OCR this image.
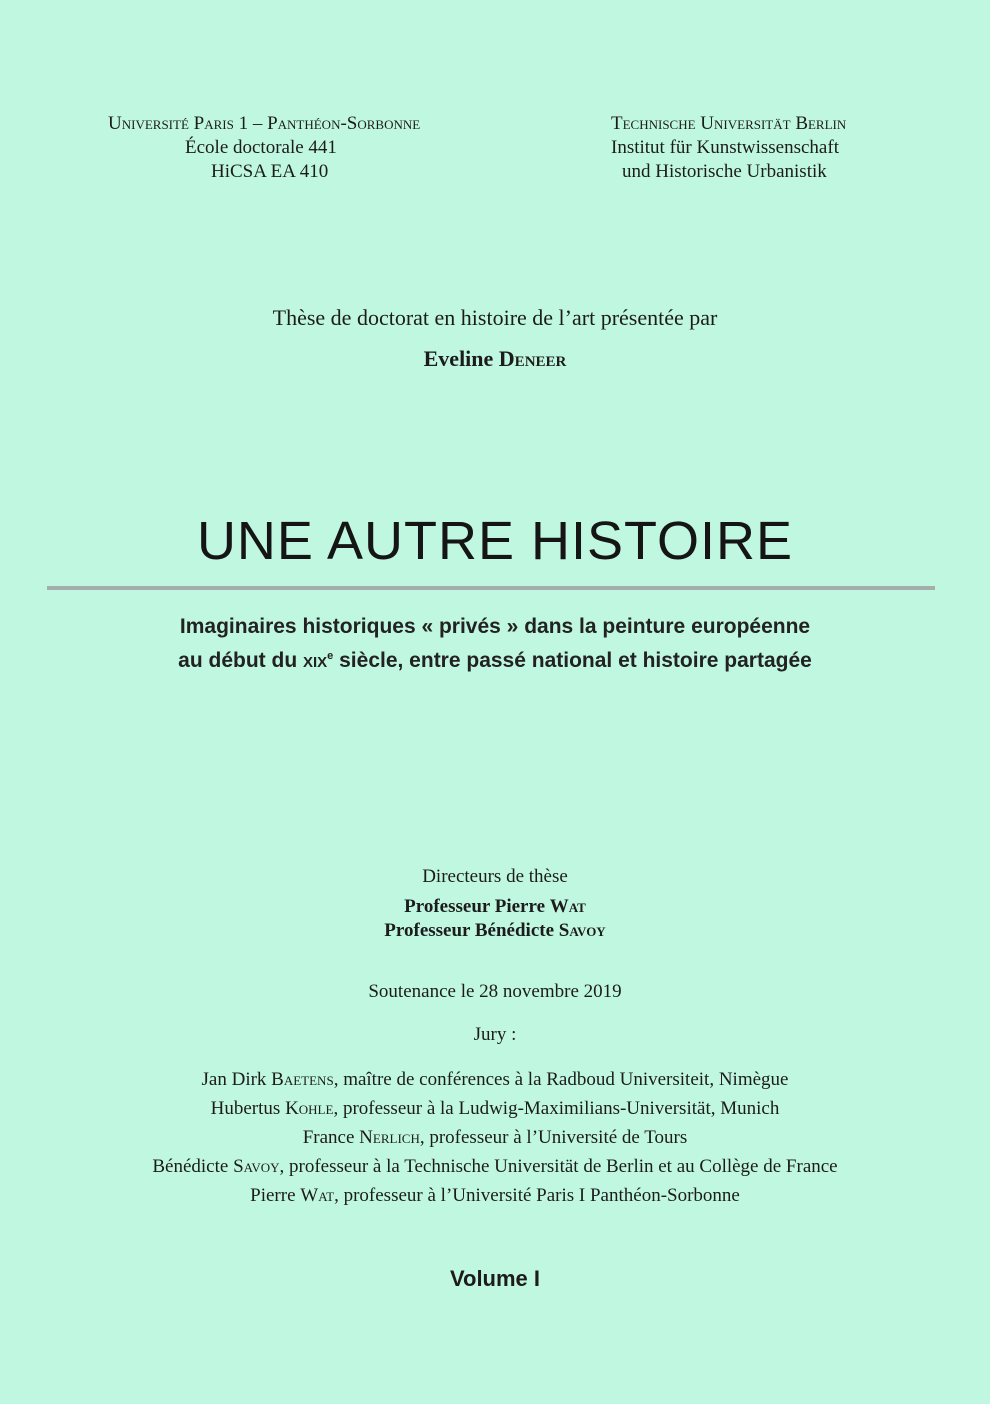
Université Paris 1 – Panthéon-Sorbonne
École doctorale 441
HiCSA EA 410
Technische Universität Berlin
Institut für Kunstwissenschaft
und Historische Urbanistik
Thèse de doctorat en histoire de l’art présentée par
Eveline Deneer
UNE AUTRE HISTOIRE
Imaginaires historiques « privés » dans la peinture européenne
au début du xix$^e$ siècle, entre passé national et histoire partagée
Directeurs de thèse
Professeur Pierre Wat
Professeur Bénédicte Savoy
Soutenance le 28 novembre 2019
Jury :
Jan Dirk Baetens, maître de conférences à la Radboud Universiteit, Nimègue
Hubertus Kohle, professeur à la Ludwig-Maximilians-Universität, Munich
France Nerlich, professeur à l’Université de Tours
Bénédicte Savoy, professeur à la Technische Universität de Berlin et au Collège de France
Pierre Wat, professeur à l’Université Paris I Panthéon-Sorbonne
Volume I
